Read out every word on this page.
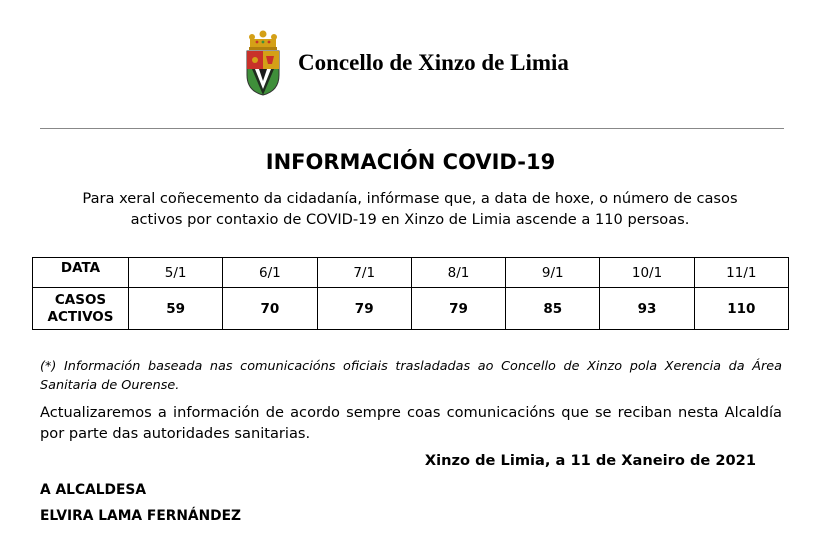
Concello de Xinzo de Limia
INFORMACIÓN COVID-19
Para xeral coñecemento da cidadanía, infórmase que, a data de hoxe, o número de casos activos por contaxio de COVID-19 en Xinzo de Limia ascende a 110 persoas.
DATA	5/1	6/1	7/1	8/1	9/1	10/1	11/1
CASOS
ACTIVOS	59	70	79	79	85	93	110
(*) Información baseada nas comunicacións oficiais trasladadas ao Concello de Xinzo pola Xerencia da Área Sanitaria de Ourense.
Actualizaremos a información de acordo sempre coas comunicacións que se reciban nesta Alcaldía por parte das autoridades sanitarias.
Xinzo de Limia, a 11 de Xaneiro de 2021
A ALCALDESA
ELVIRA LAMA FERNÁNDEZ
